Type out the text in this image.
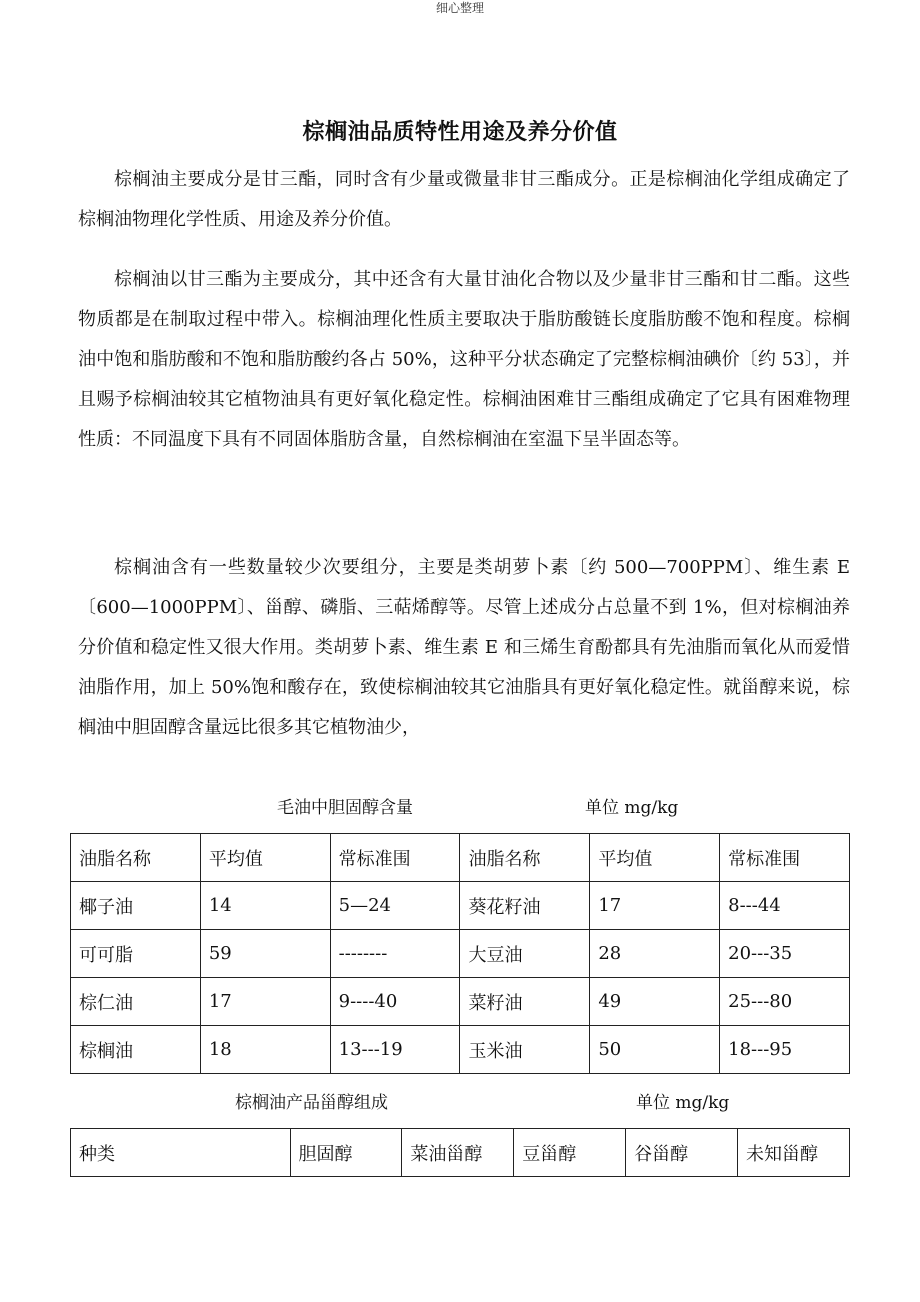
细心整理
棕榈油品质特性用途及养分价值

棕榈油主要成分是甘三酯，同时含有少量或微量非甘三酯成分。正是棕榈油化学组成确定了棕榈油物理化学性质、用途及养分价值。

棕榈油以甘三酯为主要成分，其中还含有大量甘油化合物以及少量非甘三酯和甘二酯。这些物质都是在制取过程中带入。棕榈油理化性质主要取决于脂肪酸链长度脂肪酸不饱和程度。棕榈油中饱和脂肪酸和不饱和脂肪酸约各占 50%，这种平分状态确定了完整棕榈油碘价〔约 53〕，并且赐予棕榈油较其它植物油具有更好氧化稳定性。棕榈油困难甘三酯组成确定了它具有困难物理性质：不同温度下具有不同固体脂肪含量，自然棕榈油在室温下呈半固态等。

棕榈油含有一些数量较少次要组分，主要是类胡萝卜素〔约 500—700PPM〕、维生素 E〔600—1000PPM〕、甾醇、磷脂、三萜烯醇等。尽管上述成分占总量不到 1%，但对棕榈油养分价值和稳定性又很大作用。类胡萝卜素、维生素 E 和三烯生育酚都具有先油脂而氧化从而爱惜油脂作用，加上 50%饱和酸存在，致使棕榈油较其它油脂具有更好氧化稳定性。就甾醇来说，棕榈油中胆固醇含量远比很多其它植物油少，

毛油中胆固醇含量	单位 mg/kg
油脂名称	平均值	常标准围	油脂名称	平均值	常标准围
椰子油	14	5—24	葵花籽油	17	8---44
可可脂	59	--------	大豆油	28	20---35
棕仁油	17	9----40	菜籽油	49	25---80
棕榈油	18	13---19	玉米油	50	18---95
棕榈油产品甾醇组成	单位 mg/kg
种类	胆固醇	菜油甾醇	豆甾醇	谷甾醇	未知甾醇
